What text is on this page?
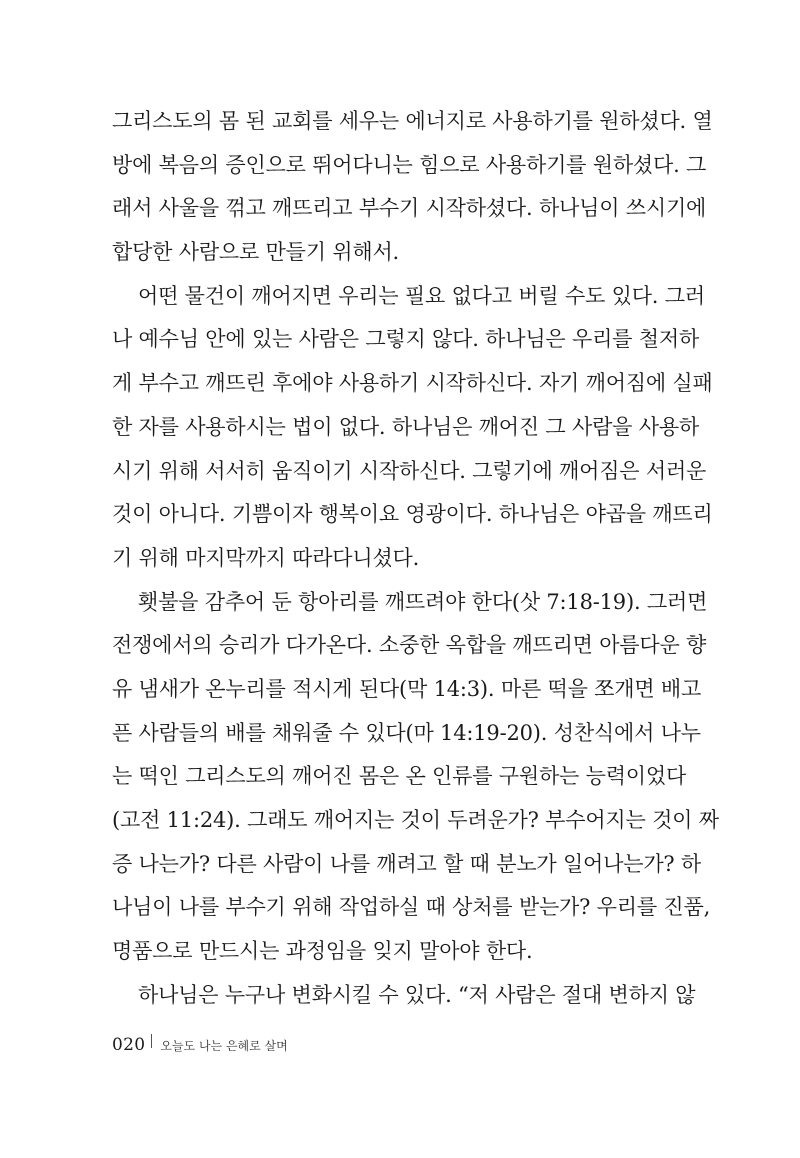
그리스도의 몸 된 교회를 세우는 에너지로 사용하기를 원하셨다. 열
방에 복음의 증인으로 뛰어다니는 힘으로 사용하기를 원하셨다. 그
래서 사울을 꺾고 깨뜨리고 부수기 시작하셨다. 하나님이 쓰시기에
합당한 사람으로 만들기 위해서.
어떤 물건이 깨어지면 우리는 필요 없다고 버릴 수도 있다. 그러
나 예수님 안에 있는 사람은 그렇지 않다. 하나님은 우리를 철저하
게 부수고 깨뜨린 후에야 사용하기 시작하신다. 자기 깨어짐에 실패
한 자를 사용하시는 법이 없다. 하나님은 깨어진 그 사람을 사용하
시기 위해 서서히 움직이기 시작하신다. 그렇기에 깨어짐은 서러운
것이 아니다. 기쁨이자 행복이요 영광이다. 하나님은 야곱을 깨뜨리
기 위해 마지막까지 따라다니셨다.
횃불을 감추어 둔 항아리를 깨뜨려야 한다(삿 7:18-19). 그러면
전쟁에서의 승리가 다가온다. 소중한 옥합을 깨뜨리면 아름다운 향
유 냄새가 온누리를 적시게 된다(막 14:3). 마른 떡을 쪼개면 배고
픈 사람들의 배를 채워줄 수 있다(마 14:19-20). 성찬식에서 나누
는 떡인 그리스도의 깨어진 몸은 온 인류를 구원하는 능력이었다
(고전 11:24). 그래도 깨어지는 것이 두려운가? 부수어지는 것이 짜
증 나는가? 다른 사람이 나를 깨려고 할 때 분노가 일어나는가? 하
나님이 나를 부수기 위해 작업하실 때 상처를 받는가? 우리를 진품,
명품으로 만드시는 과정임을 잊지 말아야 한다.
하나님은 누구나 변화시킬 수 있다. “저 사람은 절대 변하지 않
020 오늘도 나는 은혜로 살며
